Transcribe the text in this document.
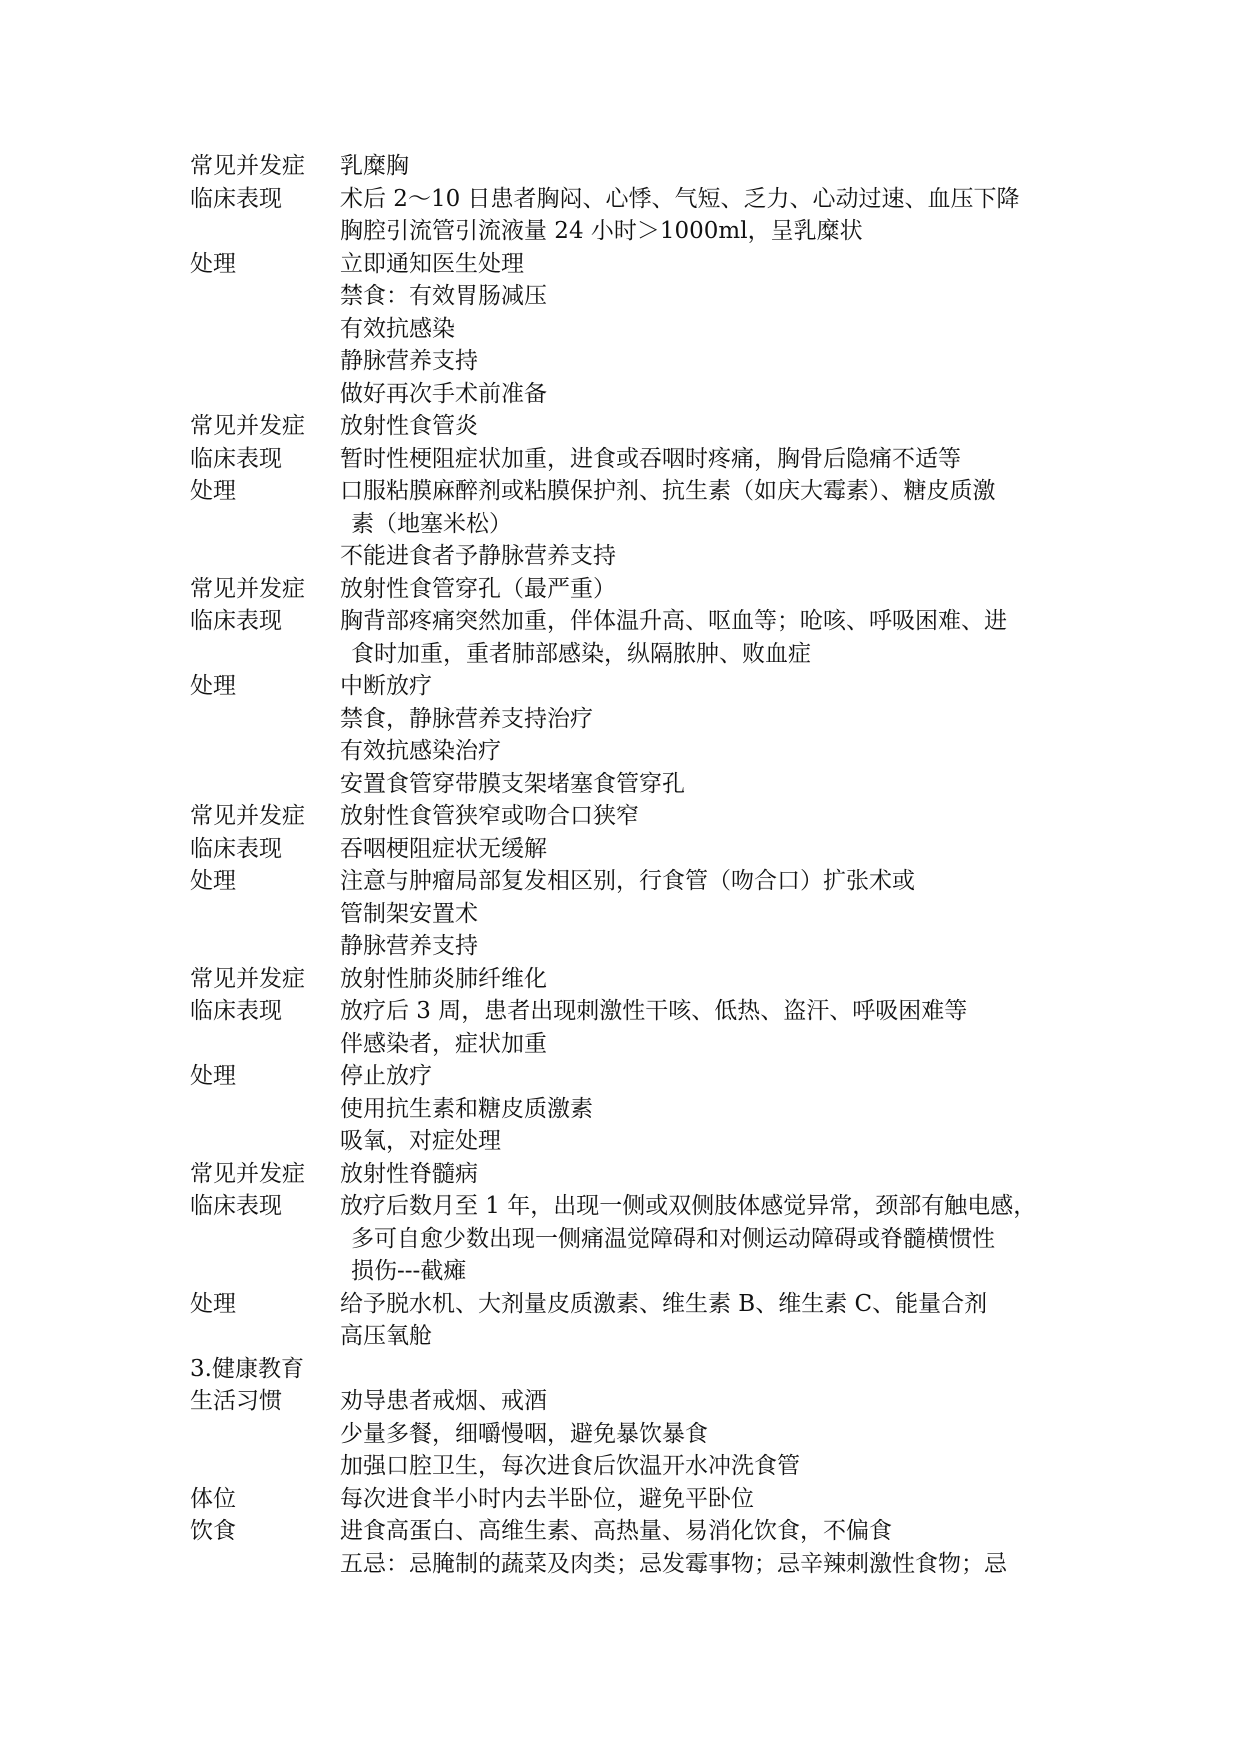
常见并发症 乳糜胸
临床表现	术后 2～10 日患者胸闷、心悸、气短、乏力、心动过速、血压下降
胸腔引流管引流液量 24 小时＞1000ml，呈乳糜状
处理	立即通知医生处理
禁食：有效胃肠减压
有效抗感染
静脉营养支持
做好再次手术前准备
常见并发症 放射性食管炎
临床表现	暂时性梗阻症状加重，进食或吞咽时疼痛，胸骨后隐痛不适等
处理	口服粘膜麻醉剂或粘膜保护剂、抗生素（如庆大霉素）、糖皮质激
素（地塞米松）
不能进食者予静脉营养支持
常见并发症 放射性食管穿孔（最严重）
临床表现	胸背部疼痛突然加重，伴体温升高、呕血等；呛咳、呼吸困难、进
食时加重，重者肺部感染，纵隔脓肿、败血症
处理	中断放疗
禁食，静脉营养支持治疗
有效抗感染治疗
安置食管穿带膜支架堵塞食管穿孔
常见并发症 放射性食管狭窄或吻合口狭窄
临床表现	吞咽梗阻症状无缓解
处理	注意与肿瘤局部复发相区别，行食管（吻合口）扩张术或
管制架安置术
静脉营养支持
常见并发症 放射性肺炎肺纤维化
临床表现	放疗后 3 周，患者出现刺激性干咳、低热、盗汗、呼吸困难等
伴感染者，症状加重
处理	停止放疗
使用抗生素和糖皮质激素
吸氧，对症处理
常见并发症 放射性脊髓病
临床表现	放疗后数月至 1 年，出现一侧或双侧肢体感觉异常，颈部有触电感，
多可自愈少数出现一侧痛温觉障碍和对侧运动障碍或脊髓横惯性
损伤---截瘫
处理	给予脱水机、大剂量皮质激素、维生素 B、维生素 C、能量合剂
高压氧舱
3.健康教育
生活习惯	劝导患者戒烟、戒酒
少量多餐，细嚼慢咽，避免暴饮暴食
加强口腔卫生，每次进食后饮温开水冲洗食管
体位	每次进食半小时内去半卧位，避免平卧位
饮食	进食高蛋白、高维生素、高热量、易消化饮食，不偏食
五忌：忌腌制的蔬菜及肉类；忌发霉事物；忌辛辣刺激性食物；忌
